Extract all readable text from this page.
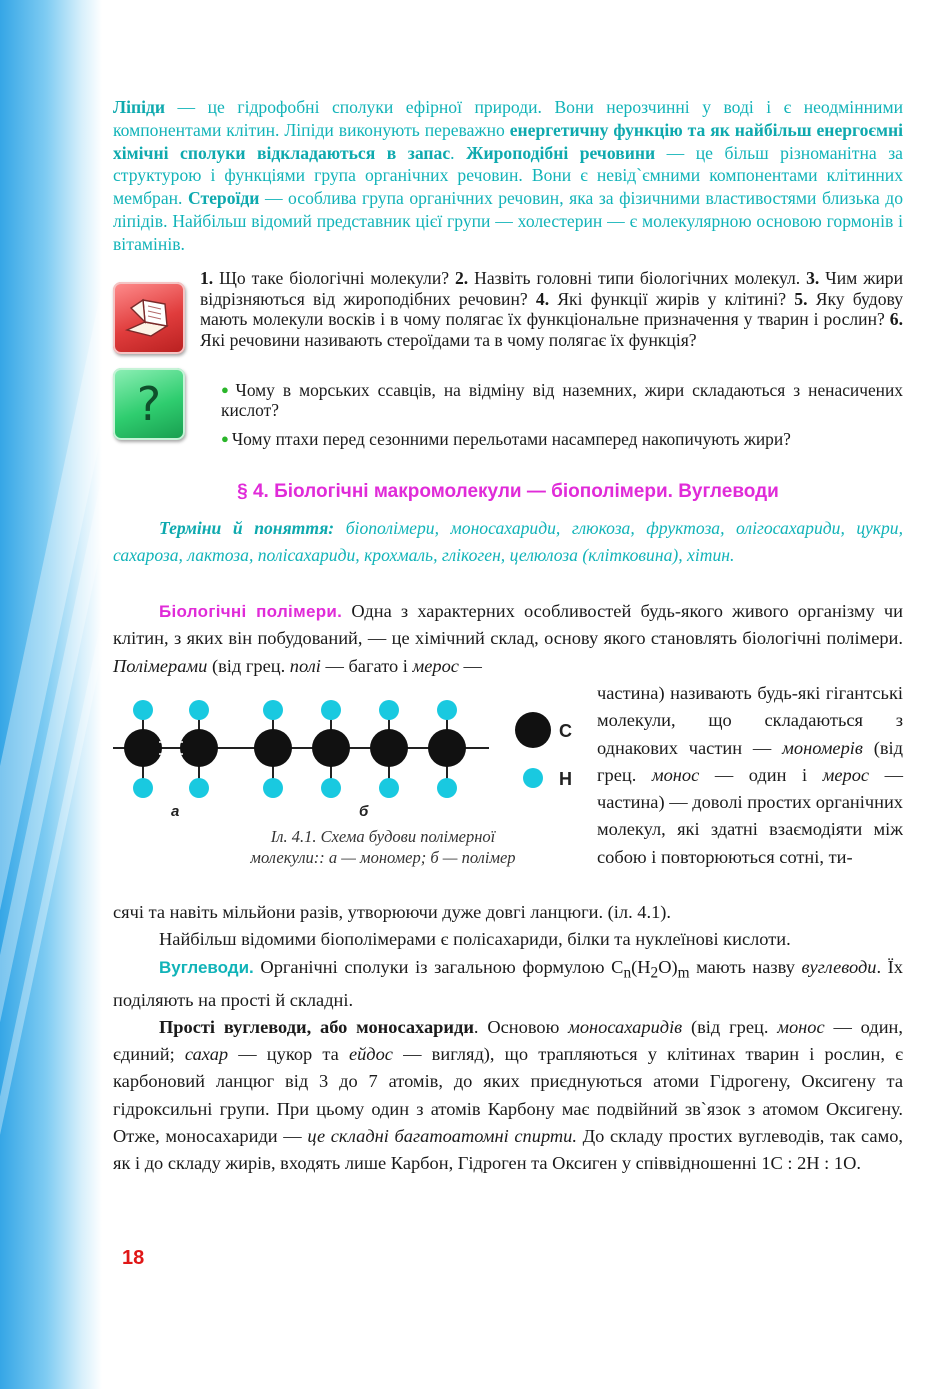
Ліпіди — це гідрофобні сполуки ефірної природи. Вони нерозчинні у воді і є неодмінними компонентами клітин. Ліпіди виконують переважно енергетичну функцію та як найбільш енергоємні хімічні сполуки відкладаються в запас. Жироподібні речовини — це більш різноманітна за структурою і функціями група органічних речовин. Вони є невід`ємними компонентами клітинних мембран. Стероїди — особлива група органічних речовин, яка за фізичними властивостями близька до ліпідів. Найбільш відомий представник цієї групи — холестерин — є молекулярною основою гормонів і вітамінів.

?

1. Що таке біологічні молекули? 2. Назвіть головні типи біологічних молекул. 3. Чим жири відрізняються від жироподібних речовин? 4. Які функції жирів у клітині? 5. Яку будову мають молекули восків і в чому полягає їх функціональне призначення у тварин і рослин? 6. Які речовини називають стероїдами та в чому полягає їх функція?

● Чому в морських ссавців, на відміну від наземних, жири складаються з ненасичених кислот?

● Чому птахи перед сезонними перельотами насамперед накопичують жири?

§ 4. Біологічні макромолекули — біополімери. Вуглеводи

Терміни й поняття: біополімери, моносахариди, глюкоза, фруктоза, олігосахариди, цукри, сахароза, лактоза, полісахариди, крохмаль, глікоген, целюлоза (клітковина), хітин.

Біологічні полімери. Одна з характерних особливостей будь-якого живого організму чи клітин, з яких він побудований, — це хімічний склад, основу якого становлять біологічні полімери. Полімерами (від грец. полі — багато і мерос —

С
Н
а	б
Іл. 4.1. Схема будови полімерної
молекули:: а — мономер; б — полімер

частина) називають будь-які гігантські молекули, що складаються з однакових частин — мономерів (від грец. монос — один і мерос — частина) — доволі простих органічних молекул, які здатні взаємодіяти між собою і повторюються сотні, ти-

сячі та навіть мільйони разів, утворюючи дуже довгі ланцюги. (іл. 4.1).

Найбільш відомими біополімерами є полісахариди, білки та нуклеїнові кислоти.

Вуглеводи. Органічні сполуки із загальною формулою $C_n(H_2O)_m$ мають назву вуглеводи. Їх поділяють на прості й складні.

Прості вуглеводи, або моносахариди. Основою моносахаридів (від грец. монос — один, єдиний; сахар — цукор та ейдос — вигляд), що трапляються у клітинах тварин і рослин, є карбоновий ланцюг від 3 до 7 атомів, до яких приєднуються атоми Гідрогену, Оксигену та гідроксильні групи. При цьому один з атомів Карбону має подвійний зв`язок з атомом Оксигену. Отже, моносахариди — це складні багатоатомні спирти. До складу простих вуглеводів, так само, як і до складу жирів, входять лише Карбон, Гідроген та Оксиген у співвідношенні 1С : 2Н : 1О.

18
